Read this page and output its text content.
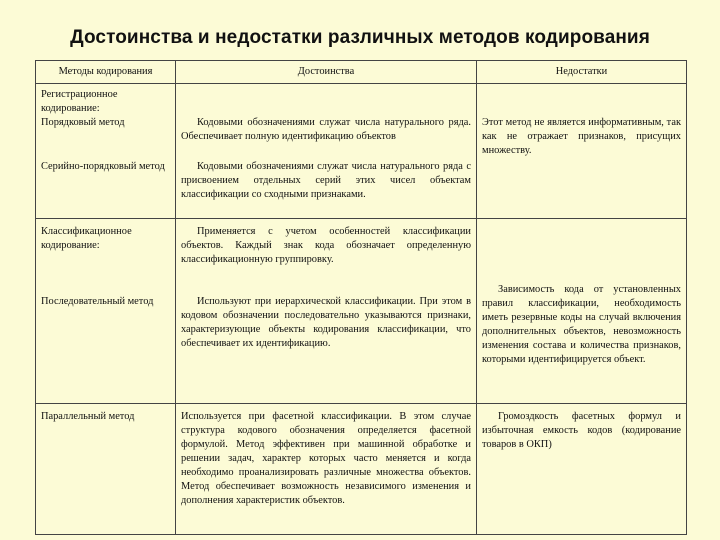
Достоинства и недостатки различных методов кодирования
Методы кодирования	Достоинства	Недостатки

Регистрационное кодирование:
Порядковый метод	Кодовыми обозначениями служат числа натурального ряда. Обеспечивает полную идентификацию объектов	Этот метод не является информативным, так как не отражает признаков, присущих множеству.

Серийно-порядковый метод	Кодовыми обозначениями служат числа натурального ряда с присвоением отдельных серий этих чисел объектам классификации со сходными признаками.	

Классификационное кодирование:	Применяется с учетом особенностей классификации объектов. Каждый знак кода обозначает определенную классификационную группировку.	Зависимость кода от установленных правил классификации, необходимость иметь резервные коды на случай включения дополнительных объектов, невозможность изменения состава и количества признаков, которыми идентифицируется объект.

Последовательный метод	Используют при иерархической классификации. При этом в кодовом обозначении последовательно указываются признаки, характеризующие объекты кодирования классификации, что обеспечивает их идентификацию.	

Параллельный метод	Используется при фасетной классификации. В этом случае структура кодового обозначения определяется фасетной формулой. Метод эффективен при машинной обработке и решении задач, характер которых часто меняется и когда необходимо проанализировать различные множества объектов. Метод обеспечивает возможность независимого изменения и дополнения характеристик объектов.	Громоздкость фасетных формул и избыточная емкость кодов (кодирование товаров в ОКП)
